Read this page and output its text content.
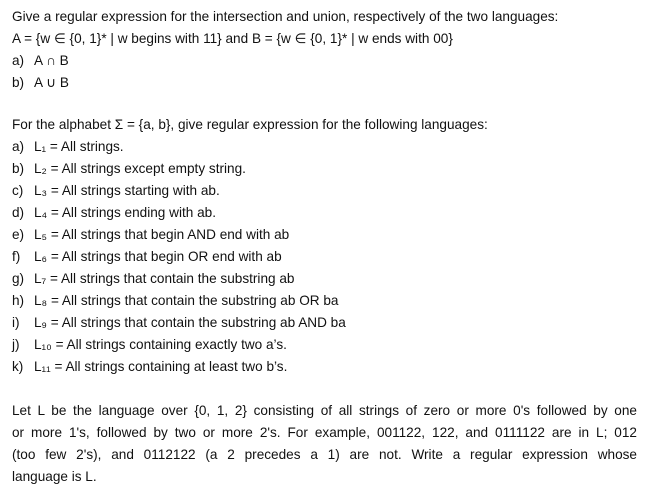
Give a regular expression for the intersection and union, respectively of the two languages:
A = {w ∈ {0, 1}* | w begins with 11} and B = {w ∈ {0, 1}* | w ends with 00}
a) A ∩ B
b) A ∪ B
For the alphabet Σ = {a, b}, give regular expression for the following languages:
a) L₁ = All strings.
b) L₂ = All strings except empty string.
c) L₃ = All strings starting with ab.
d) L₄ = All strings ending with ab.
e) L₅ = All strings that begin AND end with ab
f) L₆ = All strings that begin OR end with ab
g) L₇ = All strings that contain the substring ab
h) L₈ = All strings that contain the substring ab OR ba
i) L₉ = All strings that contain the substring ab AND ba
j) L₁₀ = All strings containing exactly two a’s.
k) L₁₁ = All strings containing at least two b’s.
Let L be the language over {0, 1, 2} consisting of all strings of zero or more 0's followed by one
or more 1's, followed by two or more 2's. For example, 001122, 122, and 0111122 are in L; 012
(too few 2's), and 0112122 (a 2 precedes a 1) are not. Write a regular expression whose
language is L.
